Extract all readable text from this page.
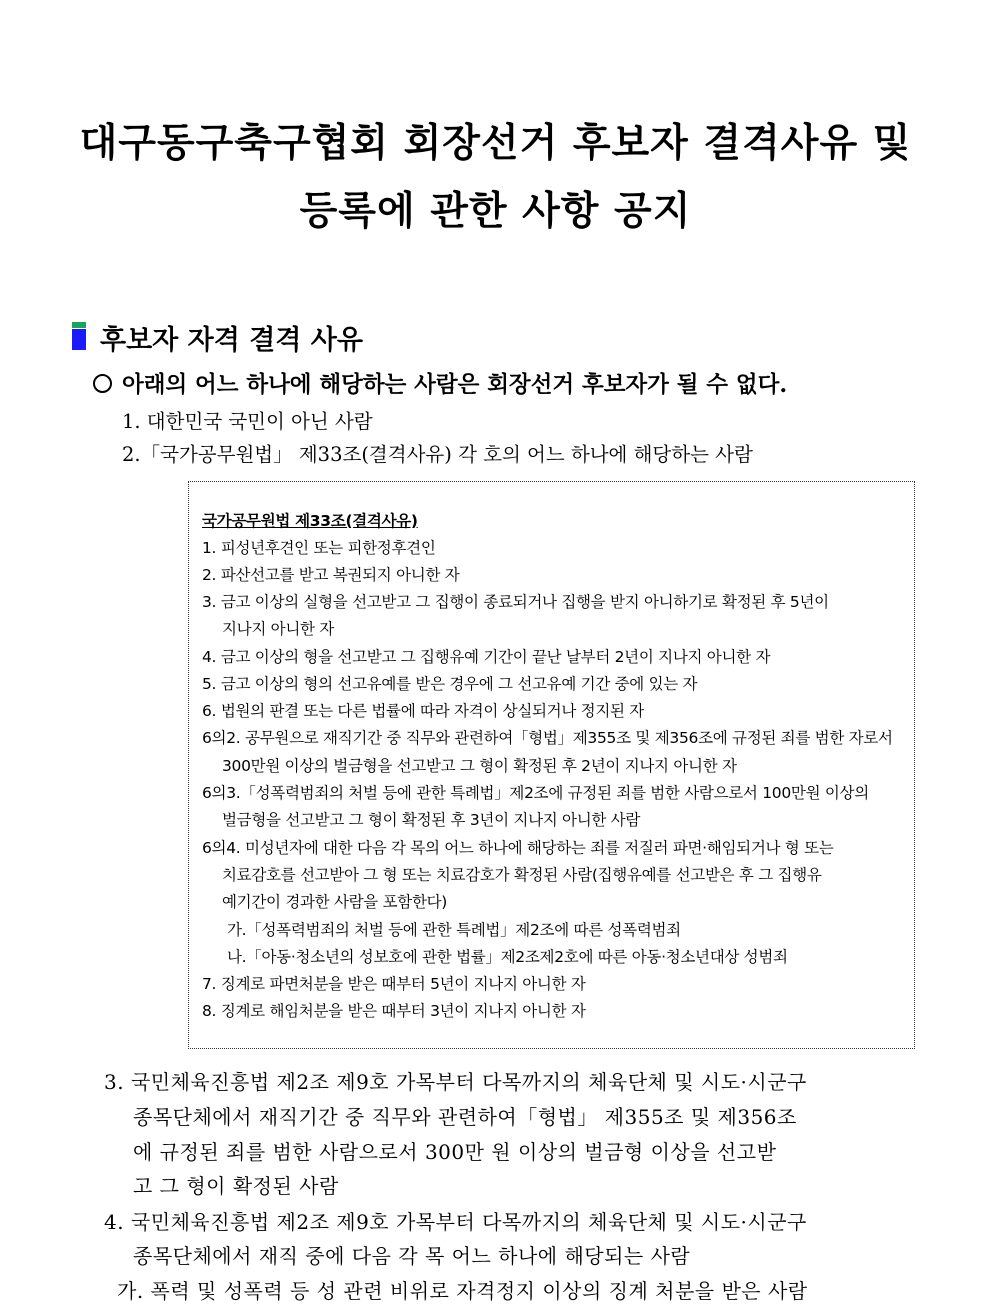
대구동구축구협회 회장선거 후보자 결격사유 및
등록에 관한 사항 공지
후보자 자격 결격 사유
아래의 어느 하나에 해당하는 사람은 회장선거 후보자가 될 수 없다.
1. 대한민국 국민이 아닌 사람
2.「국가공무원법」 제33조(결격사유) 각 호의 어느 하나에 해당하는 사람
국가공무원법 제33조(결격사유)
1. 피성년후견인 또는 피한정후견인
2. 파산선고를 받고 복권되지 아니한 자
3. 금고 이상의 실형을 선고받고 그 집행이 종료되거나 집행을 받지 아니하기로 확정된 후 5년이
지나지 아니한 자
4. 금고 이상의 형을 선고받고 그 집행유예 기간이 끝난 날부터 2년이 지나지 아니한 자
5. 금고 이상의 형의 선고유예를 받은 경우에 그 선고유예 기간 중에 있는 자
6. 법원의 판결 또는 다른 법률에 따라 자격이 상실되거나 정지된 자
6의2. 공무원으로 재직기간 중 직무와 관련하여「형법」제355조 및 제356조에 규정된 죄를 범한 자로서
300만원 이상의 벌금형을 선고받고 그 형이 확정된 후 2년이 지나지 아니한 자
6의3.「성폭력범죄의 처벌 등에 관한 특례법」제2조에 규정된 죄를 범한 사람으로서 100만원 이상의
벌금형을 선고받고 그 형이 확정된 후 3년이 지나지 아니한 사람
6의4. 미성년자에 대한 다음 각 목의 어느 하나에 해당하는 죄를 저질러 파면·해임되거나 형 또는
치료감호를 선고받아 그 형 또는 치료감호가 확정된 사람(집행유예를 선고받은 후 그 집행유
예기간이 경과한 사람을 포함한다)
가.「성폭력범죄의 처벌 등에 관한 특례법」제2조에 따른 성폭력범죄
나.「아동·청소년의 성보호에 관한 법률」제2조제2호에 따른 아동·청소년대상 성범죄
7. 징계로 파면처분을 받은 때부터 5년이 지나지 아니한 자
8. 징계로 해임처분을 받은 때부터 3년이 지나지 아니한 자
3. 국민체육진흥법 제2조 제9호 가목부터 다목까지의 체육단체 및 시도·시군구
종목단체에서 재직기간 중 직무와 관련하여「형법」 제355조 및 제356조
에 규정된 죄를 범한 사람으로서 300만 원 이상의 벌금형 이상을 선고받
고 그 형이 확정된 사람
4. 국민체육진흥법 제2조 제9호 가목부터 다목까지의 체육단체 및 시도·시군구
종목단체에서 재직 중에 다음 각 목 어느 하나에 해당되는 사람
가. 폭력 및 성폭력 등 성 관련 비위로 자격정지 이상의 징계 처분을 받은 사람
